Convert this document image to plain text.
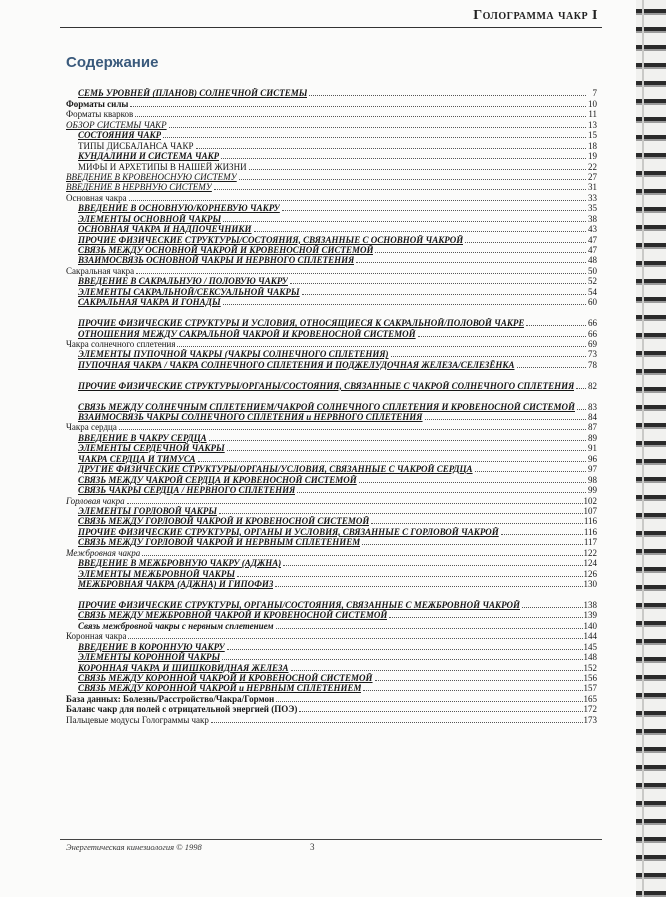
Голограмма чакр I
Содержание
СЕМЬ УРОВНЕЙ (ПЛАНОВ) СОЛНЕЧНОЙ СИСТЕМЫ	7
Форматы силы	10
Форматы кварков	11
ОБЗОР СИСТЕМЫ ЧАКР	13
СОСТОЯНИЯ ЧАКР	15
ТИПЫ ДИСБАЛАНСА ЧАКР	18
КУНДАЛИНИ И СИСТЕМА ЧАКР	19
МИФЫ И АРХЕТИПЫ В НАШЕЙ ЖИЗНИ	22
ВВЕДЕНИЕ В КРОВЕНОСНУЮ СИСТЕМУ	27
ВВЕДЕНИЕ В НЕРВНУЮ СИСТЕМУ	31
Основная чакра	33
ВВЕДЕНИЕ В ОСНОВНУЮ/КОРНЕВУЮ ЧАКРУ	35
ЭЛЕМЕНТЫ ОСНОВНОЙ ЧАКРЫ	38
ОСНОВНАЯ ЧАКРА И НАДПОЧЕЧНИКИ	43
ПРОЧИЕ ФИЗИЧЕСКИЕ СТРУКТУРЫ/СОСТОЯНИЯ, СВЯЗАННЫЕ С ОСНОВНОЙ ЧАКРОЙ	47
СВЯЗЬ МЕЖДУ ОСНОВНОЙ ЧАКРОЙ И КРОВЕНОСНОЙ СИСТЕМОЙ	47
ВЗАИМОСВЯЗЬ ОСНОВНОЙ ЧАКРЫ И НЕРВНОГО СПЛЕТЕНИЯ	48
Сакральная чакра	50
ВВЕДЕНИЕ В САКРАЛЬНУЮ / ПОЛОВУЮ ЧАКРУ	52
ЭЛЕМЕНТЫ САКРАЛЬНОЙ/СЕКСУАЛЬНОЙ ЧАКРЫ	54
САКРАЛЬНАЯ ЧАКРА И ГОНАДЫ	60
ПРОЧИЕ ФИЗИЧЕСКИЕ СТРУКТУРЫ И УСЛОВИЯ, ОТНОСЯЩИЕСЯ К САКРАЛЬНОЙ/ПОЛОВОЙ ЧАКРЕ	66
ОТНОШЕНИЯ МЕЖДУ САКРАЛЬНОЙ ЧАКРОЙ И КРОВЕНОСНОЙ СИСТЕМОЙ	66
Чакра солнечного сплетения	69
ЭЛЕМЕНТЫ ПУПОЧНОЙ ЧАКРЫ (ЧАКРЫ СОЛНЕЧНОГО СПЛЕТЕНИЯ)	73
ПУПОЧНАЯ ЧАКРА / ЧАКРА СОЛНЕЧНОГО СПЛЕТЕНИЯ И ПОДЖЕЛУДОЧНАЯ ЖЕЛЕЗА/СЕЛЕЗЁНКА	78
ПРОЧИЕ ФИЗИЧЕСКИЕ СТРУКТУРЫ/ОРГАНЫ/СОСТОЯНИЯ, СВЯЗАННЫЕ С ЧАКРОЙ СОЛНЕЧНОГО СПЛЕТЕНИЯ 82
СВЯЗЬ МЕЖДУ СОЛНЕЧНЫМ СПЛЕТЕНИЕМ/ЧАКРОЙ СОЛНЕЧНОГО СПЛЕТЕНИЯ И КРОВЕНОСНОЙ СИСТЕМОЙ 83
ВЗАИМОСВЯЗЬ ЧАКРЫ СОЛНЕЧНОГО СПЛЕТЕНИЯ и НЕРВНОГО СПЛЕТЕНИЯ	84
Чакра сердца	87
ВВЕДЕНИЕ В ЧАКРУ СЕРДЦА	89
ЭЛЕМЕНТЫ СЕРДЕЧНОЙ ЧАКРЫ	91
ЧАКРА СЕРДЦА И ТИМУСА	96
ДРУГИЕ ФИЗИЧЕСКИЕ СТРУКТУРЫ/ОРГАНЫ/УСЛОВИЯ, СВЯЗАННЫЕ С ЧАКРОЙ СЕРДЦА	97
СВЯЗЬ МЕЖДУ ЧАКРОЙ СЕРДЦА И КРОВЕНОСНОЙ СИСТЕМОЙ	98
СВЯЗЬ ЧАКРЫ СЕРДЦА / НЕРВНОГО СПЛЕТЕНИЯ	99
Горловая чакра	102
ЭЛЕМЕНТЫ ГОРЛОВОЙ ЧАКРЫ	107
СВЯЗЬ МЕЖДУ ГОРЛОВОЙ ЧАКРОЙ И КРОВЕНОСНОЙ СИСТЕМОЙ	116
ПРОЧИЕ ФИЗИЧЕСКИЕ СТРУКТУРЫ, ОРГАНЫ И УСЛОВИЯ, СВЯЗАННЫЕ С ГОРЛОВОЙ ЧАКРОЙ	116
СВЯЗЬ МЕЖДУ ГОРЛОВОЙ ЧАКРОЙ И НЕРВНЫМ СПЛЕТЕНИЕМ	117
Межбровная чакра	122
ВВЕДЕНИЕ В МЕЖБРОВНУЮ ЧАКРУ (АДЖНА)	124
ЭЛЕМЕНТЫ МЕЖБРОВНОЙ ЧАКРЫ	126
МЕЖБРОВНАЯ ЧАКРА (АДЖНА) И ГИПОФИЗ	130
ПРОЧИЕ ФИЗИЧЕСКИЕ СТРУКТУРЫ, ОРГАНЫ/СОСТОЯНИЯ, СВЯЗАННЫЕ С МЕЖБРОВНОЙ ЧАКРОЙ	138
СВЯЗЬ МЕЖДУ МЕЖБРОВНОЙ ЧАКРОЙ И КРОВЕНОСНОЙ СИСТЕМОЙ	139
Связь межбровной чакры с нервным сплетением	140
Коронная чакра	144
ВВЕДЕНИЕ В КОРОННУЮ ЧАКРУ	145
ЭЛЕМЕНТЫ КОРОННОЙ ЧАКРЫ	148
КОРОННАЯ ЧАКРА И ШИШКОВИДНАЯ ЖЕЛЕЗА	152
СВЯЗЬ МЕЖДУ КОРОННОЙ ЧАКРОЙ И КРОВЕНОСНОЙ СИСТЕМОЙ	156
СВЯЗЬ МЕЖДУ КОРОННОЙ ЧАКРОЙ и НЕРВНЫМ СПЛЕТЕНИЕМ	157
База данных: Болезнь/Расстройство/Чакра/Гормон	165
Баланс чакр для полей с отрицательной энергией (ПОЭ)	172
Пальцевые модусы Голограммы чакр	173
Энергетическая кинезиология © 1998	3
